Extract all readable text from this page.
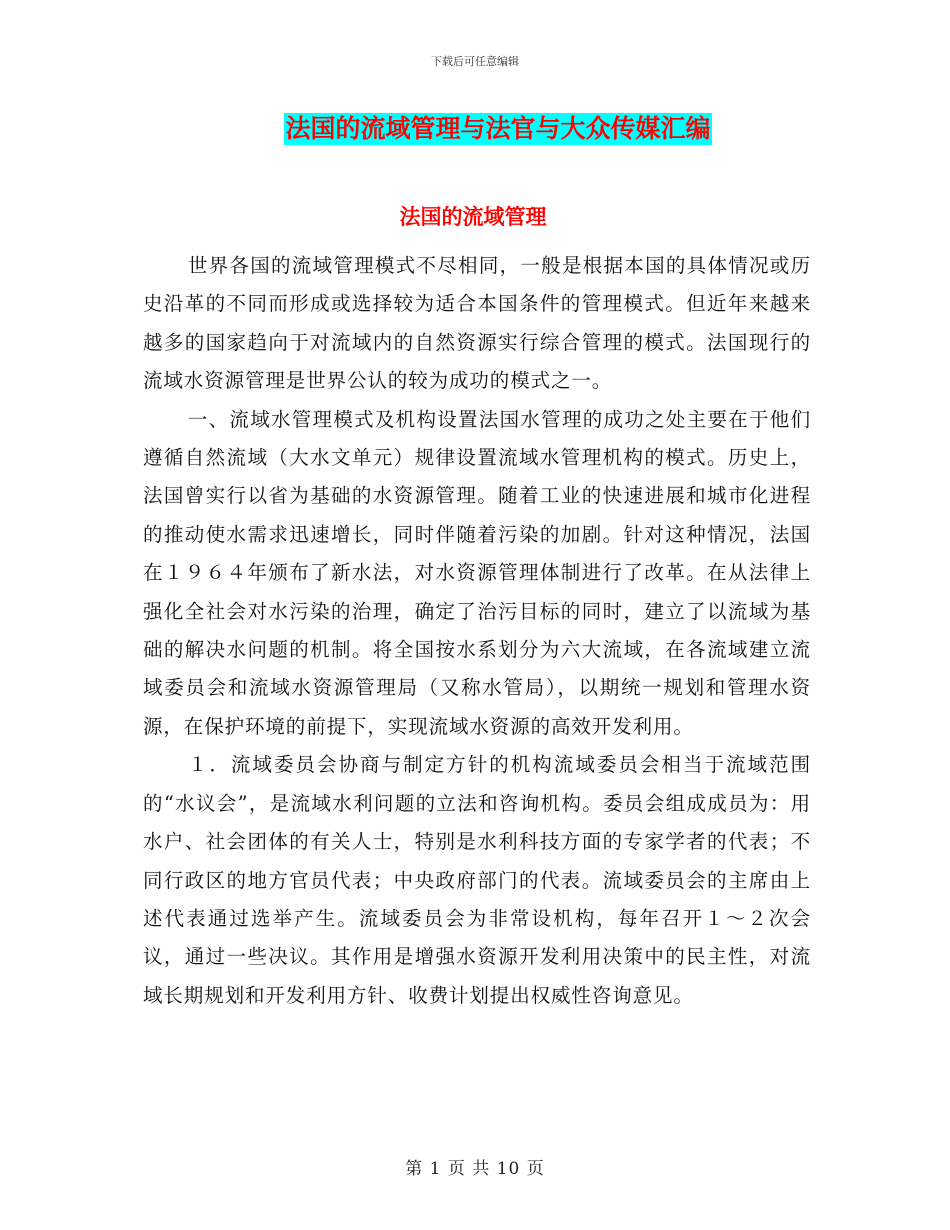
下载后可任意编辑
法国的流域管理与法官与大众传媒汇编
法国的流域管理

世界各国的流域管理模式不尽相同，一般是根据本国的具体情况或历史沿革的不同而形成或选择较为适合本国条件的管理模式。但近年来越来越多的国家趋向于对流域内的自然资源实行综合管理的模式。法国现行的流域水资源管理是世界公认的较为成功的模式之一。

一、流域水管理模式及机构设置法国水管理的成功之处主要在于他们遵循自然流域（大水文单元）规律设置流域水管理机构的模式。历史上，法国曾实行以省为基础的水资源管理。随着工业的快速进展和城市化进程的推动使水需求迅速增长，同时伴随着污染的加剧。针对这种情况，法国在１９６４年颁布了新水法，对水资源管理体制进行了改革。在从法律上强化全社会对水污染的治理，确定了治污目标的同时，建立了以流域为基础的解决水问题的机制。将全国按水系划分为六大流域，在各流域建立流域委员会和流域水资源管理局（又称水管局），以期统一规划和管理水资源，在保护环境的前提下，实现流域水资源的高效开发利用。

１．流域委员会协商与制定方针的机构流域委员会相当于流域范围的“水议会”，是流域水利问题的立法和咨询机构。委员会组成成员为：用水户、社会团体的有关人士，特别是水利科技方面的专家学者的代表；不同行政区的地方官员代表；中央政府部门的代表。流域委员会的主席由上述代表通过选举产生。流域委员会为非常设机构，每年召开１～２次会议，通过一些决议。其作用是增强水资源开发利用决策中的民主性，对流域长期规划和开发利用方针、收费计划提出权威性咨询意见。

第 1 页 共 10 页
